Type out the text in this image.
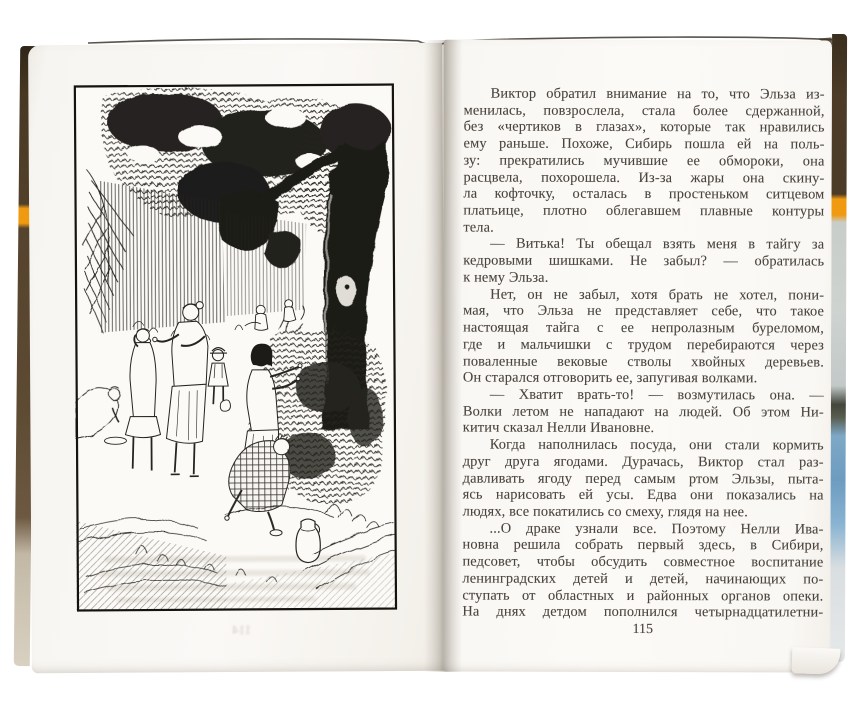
114
Виктор обратил внимание на то, что Эльза из-
менилась, повзрослела, стала более сдержанной,
без «чертиков в глазах», которые так нравились
ему раньше. Похоже, Сибирь пошла ей на поль-
зу: прекратились мучившие ее обмороки, она
расцвела, похорошела. Из-за жары она скину-
ла кофточку, осталась в простеньком ситцевом
платьице, плотно облегавшем плавные контуры
тела.
— Витька! Ты обещал взять меня в тайгу за
кедровыми шишками. Не забыл? — обратилась
к нему Эльза.
Нет, он не забыл, хотя брать не хотел, пони-
мая, что Эльза не представляет себе, что такое
настоящая тайга с ее непролазным буреломом,
где и мальчишки с трудом перебираются через
поваленные вековые стволы хвойных деревьев.
Он старался отговорить ее, запугивая волками.
— Хватит врать-то! — возмутилась она. —
Волки летом не нападают на людей. Об этом Ни-
китич сказал Нелли Ивановне.
Когда наполнилась посуда, они стали кормить
друг друга ягодами. Дурачась, Виктор стал раз-
давливать ягоду перед самым ртом Эльзы, пыта-
ясь нарисовать ей усы. Едва они показались на
людях, все покатились со смеху, глядя на нее.
...О драке узнали все. Поэтому Нелли Ива-
новна решила собрать первый здесь, в Сибири,
педсовет, чтобы обсудить совместное воспитание
ленинградских детей и детей, начинающих по-
ступать от областных и районных органов опеки.
На днях детдом пополнился четырнадцатилетни-
115
